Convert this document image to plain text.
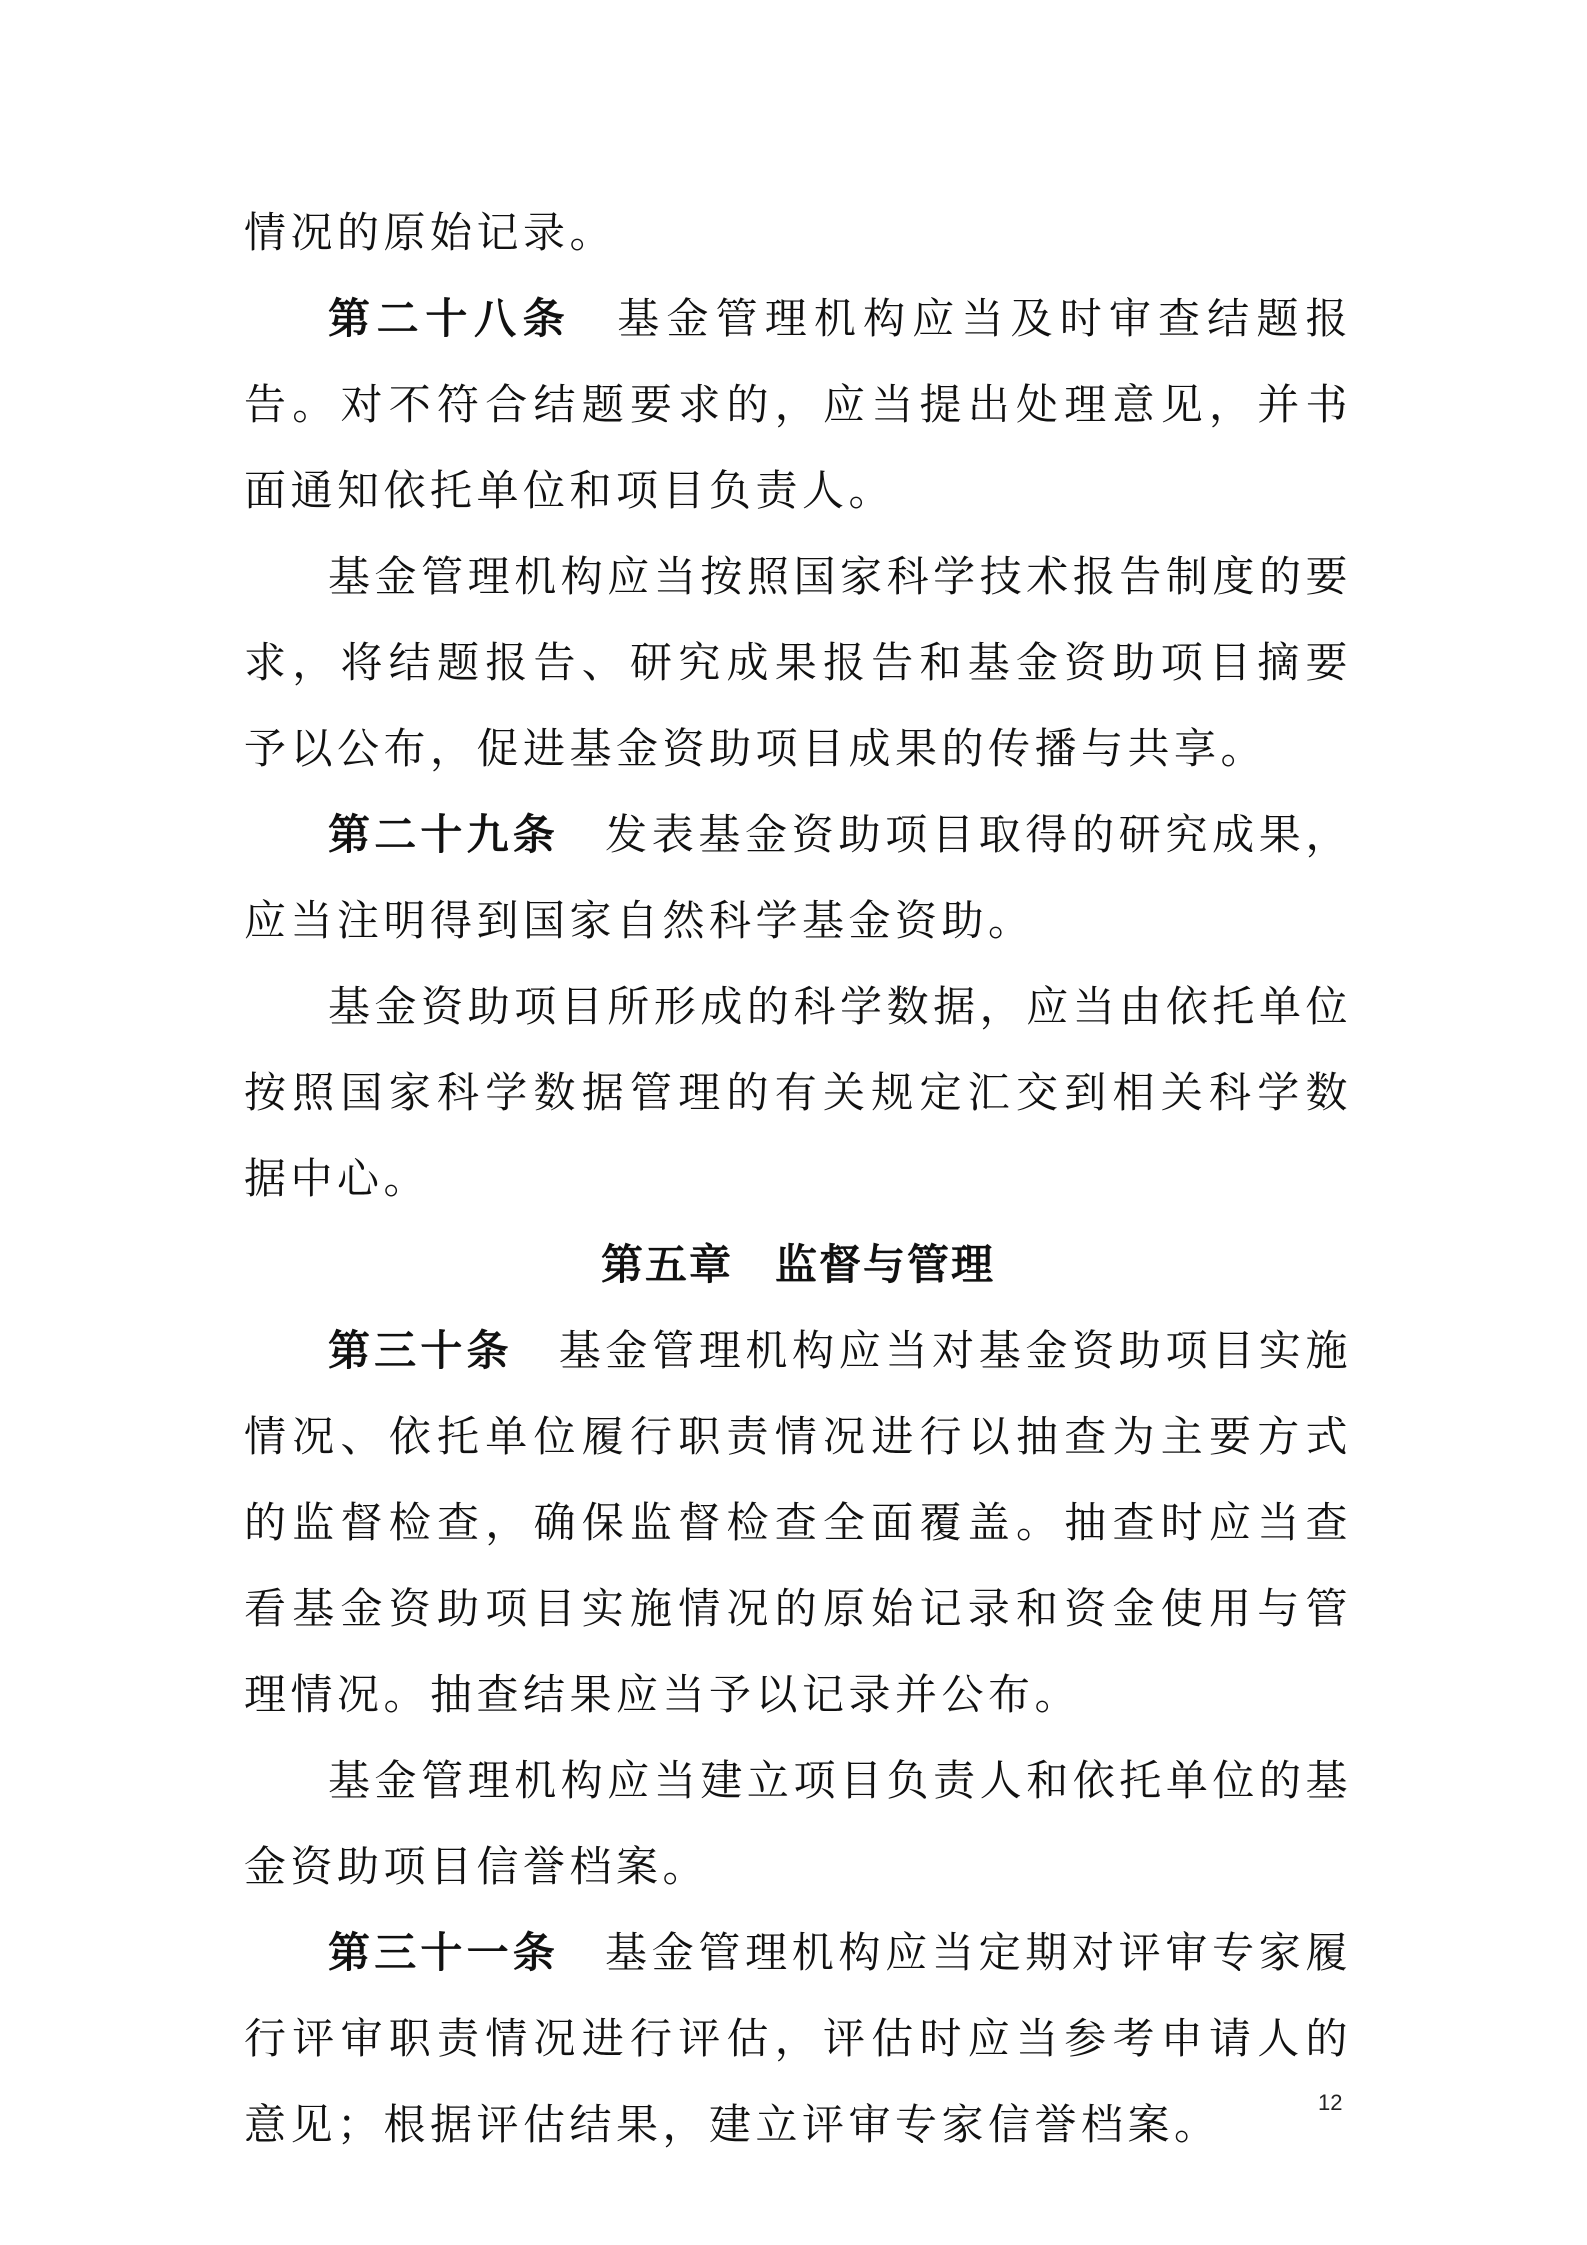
情况的原始记录。

第二十八条 基金管理机构应当及时审查结题报告。对不符合结题要求的，应当提出处理意见，并书面通知依托单位和项目负责人。

基金管理机构应当按照国家科学技术报告制度的要求，将结题报告、研究成果报告和基金资助项目摘要予以公布，促进基金资助项目成果的传播与共享。

第二十九条 发表基金资助项目取得的研究成果，应当注明得到国家自然科学基金资助。

基金资助项目所形成的科学数据，应当由依托单位按照国家科学数据管理的有关规定汇交到相关科学数据中心。

第五章 监督与管理

第三十条 基金管理机构应当对基金资助项目实施情况、依托单位履行职责情况进行以抽查为主要方式的监督检查，确保监督检查全面覆盖。抽查时应当查看基金资助项目实施情况的原始记录和资金使用与管理情况。抽查结果应当予以记录并公布。

基金管理机构应当建立项目负责人和依托单位的基金资助项目信誉档案。

第三十一条 基金管理机构应当定期对评审专家履行评审职责情况进行评估，评估时应当参考申请人的意见；根据评估结果，建立评审专家信誉档案。	12
